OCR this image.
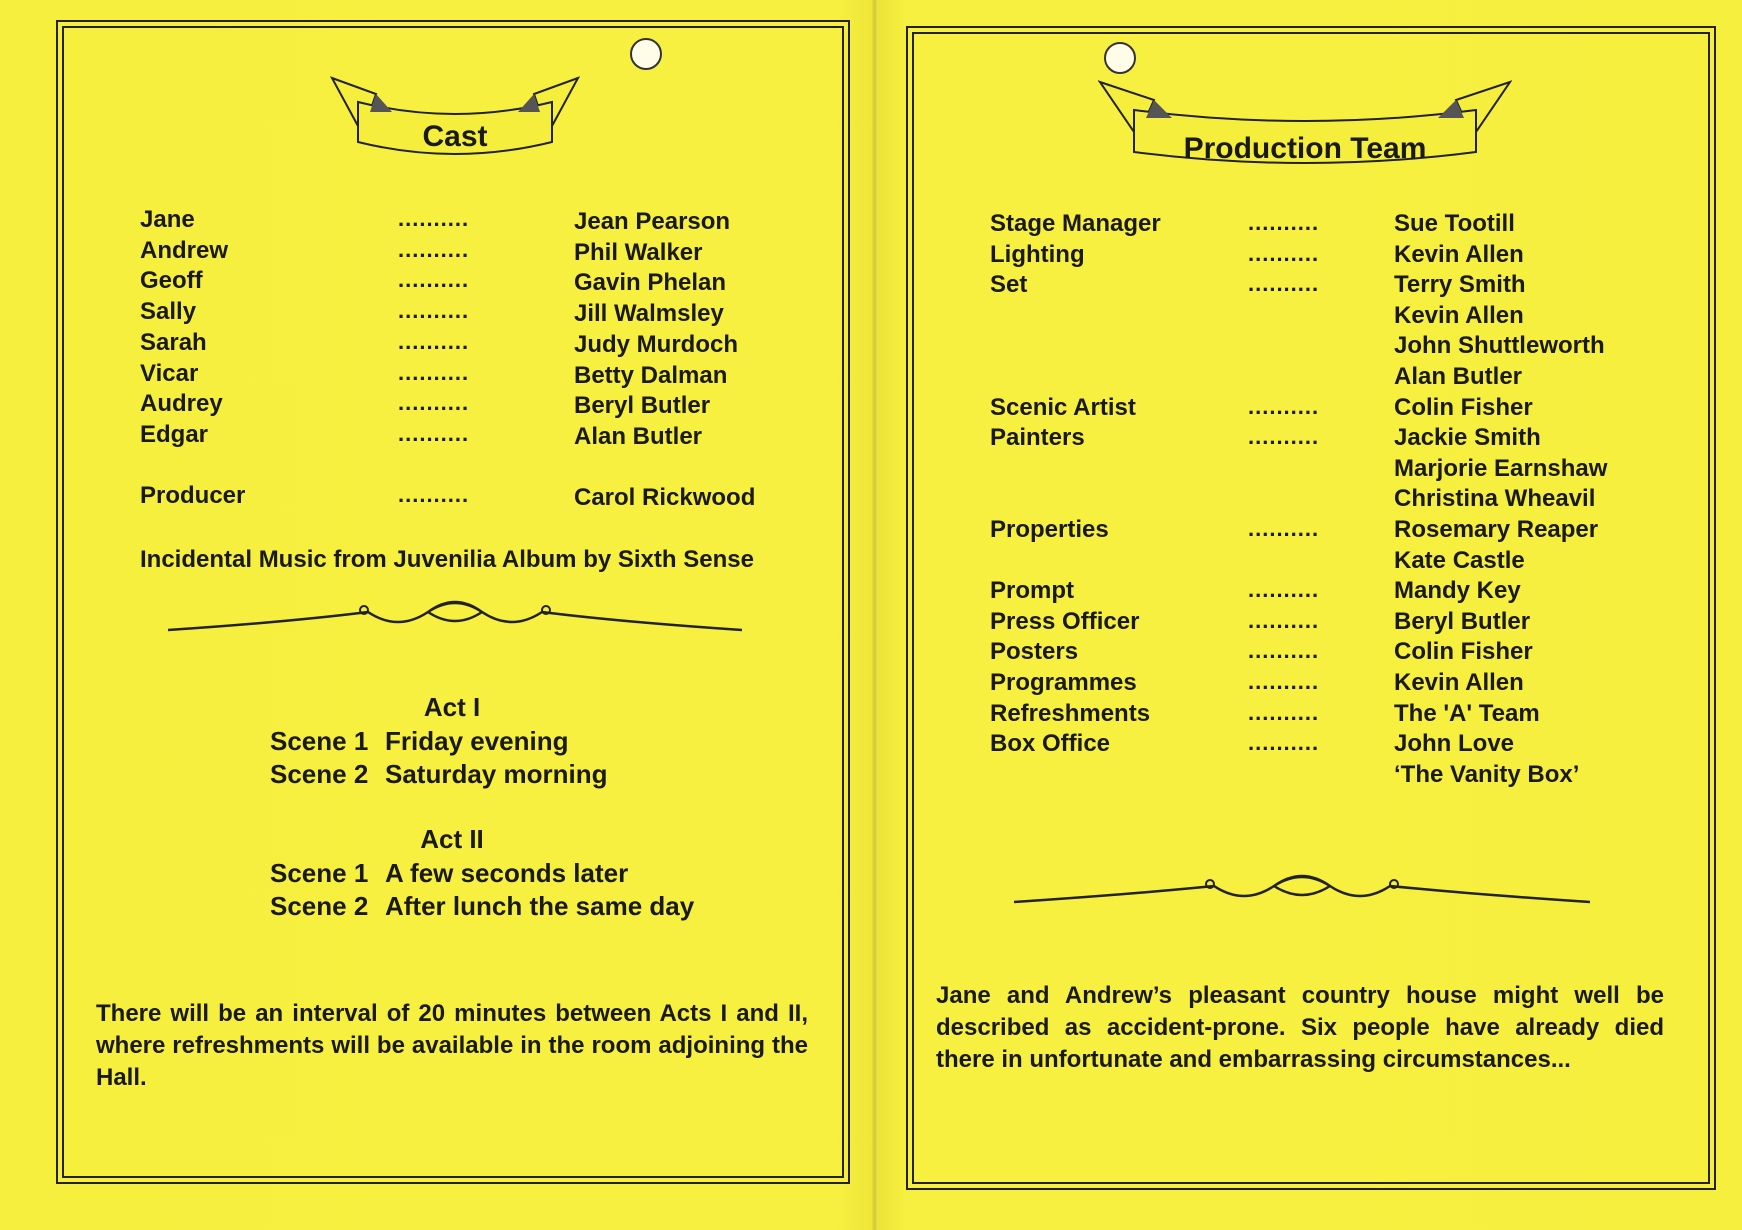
Cast
Jane	..........	Jean Pearson
Andrew	..........	Phil Walker
Geoff	..........	Gavin Phelan
Sally	..........	Jill Walmsley
Sarah	..........	Judy Murdoch
Vicar	..........	Betty Dalman
Audrey	..........	Beryl Butler
Edgar	..........	Alan Butler
Producer	..........	Carol Rickwood
Incidental Music from Juvenilia Album by Sixth Sense
Act I
Scene 1 Friday evening
Scene 2 Saturday morning
Act II
Scene 1 A few seconds later
Scene 2 After lunch the same day
There will be an interval of 20 minutes between Acts I and II, where refreshments will be available in the room adjoining the Hall.
Production Team
Stage Manager	..........	Sue Tootill
Lighting	..........	Kevin Allen
Set	..........	Terry Smith
Kevin Allen
John Shuttleworth
Alan Butler
Scenic Artist	..........	Colin Fisher
Painters	..........	Jackie Smith
Marjorie Earnshaw
Christina Wheavil
Properties	..........	Rosemary Reaper
Kate Castle
Prompt	..........	Mandy Key
Press Officer	..........	Beryl Butler
Posters	..........	Colin Fisher
Programmes	..........	Kevin Allen
Refreshments	..........	The 'A' Team
Box Office	..........	John Love
‘The Vanity Box’
Jane and Andrew’s pleasant country house might well be described as accident-prone. Six people have already died there in unfortunate and embarrassing circumstances...
